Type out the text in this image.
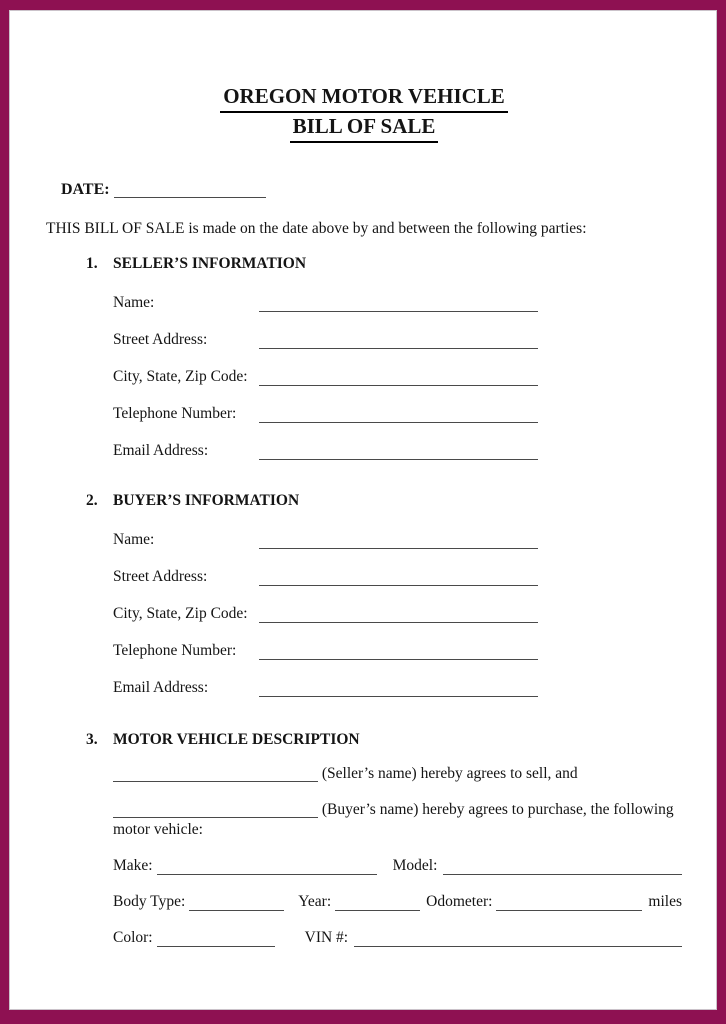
OREGON MOTOR VEHICLE
BILL OF SALE
DATE:
THIS BILL OF SALE is made on the date above by and between the following parties:
1. SELLER’S INFORMATION
Name:
Street Address:
City, State, Zip Code:
Telephone Number:
Email Address:
2. BUYER’S INFORMATION
Name:
Street Address:
City, State, Zip Code:
Telephone Number:
Email Address:
3. MOTOR VEHICLE DESCRIPTION
(Seller’s name) hereby agrees to sell, and
(Buyer’s name) hereby agrees to purchase, the following
motor vehicle:
Make:	Model:
Body Type:	Year:	Odometer:	miles
Color:	VIN #:
